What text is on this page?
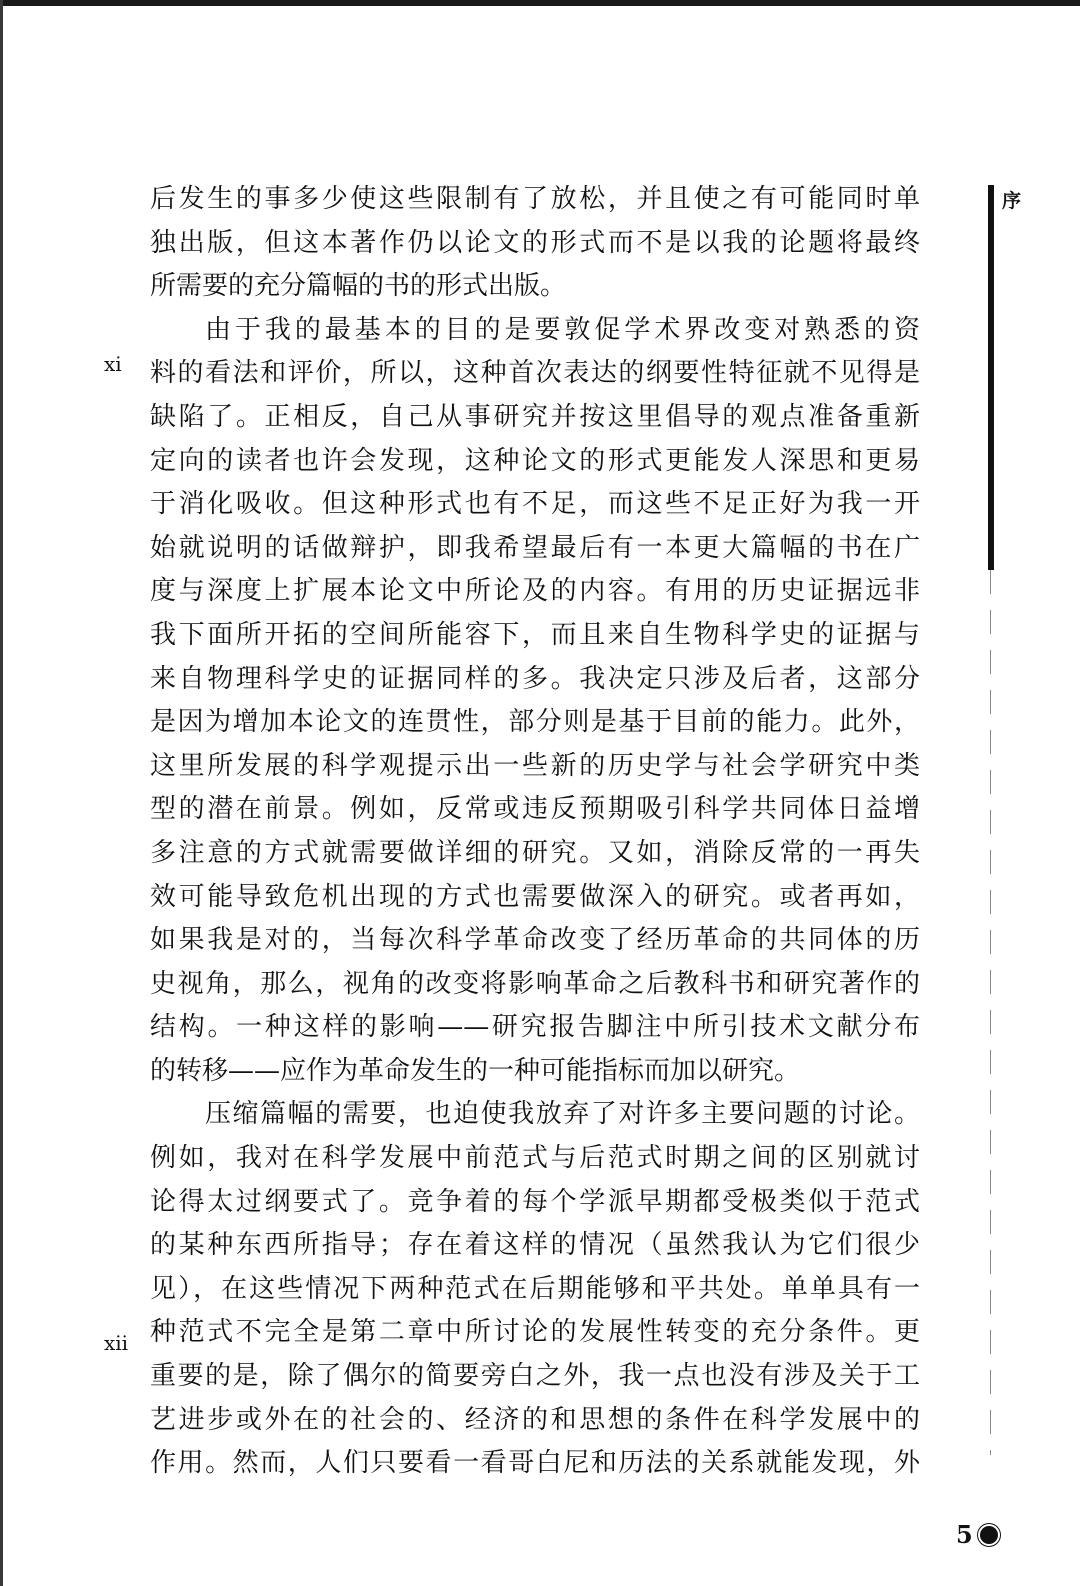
序
xi
xii
后发生的事多少使这些限制有了放松，并且使之有可能同时单
独出版，但这本著作仍以论文的形式而不是以我的论题将最终
所需要的充分篇幅的书的形式出版。
由于我的最基本的目的是要敦促学术界改变对熟悉的资
料的看法和评价，所以，这种首次表达的纲要性特征就不见得是
缺陷了。正相反，自己从事研究并按这里倡导的观点准备重新
定向的读者也许会发现，这种论文的形式更能发人深思和更易
于消化吸收。但这种形式也有不足，而这些不足正好为我一开
始就说明的话做辩护，即我希望最后有一本更大篇幅的书在广
度与深度上扩展本论文中所论及的内容。有用的历史证据远非
我下面所开拓的空间所能容下，而且来自生物科学史的证据与
来自物理科学史的证据同样的多。我决定只涉及后者，这部分
是因为增加本论文的连贯性，部分则是基于目前的能力。此外，
这里所发展的科学观提示出一些新的历史学与社会学研究中类
型的潜在前景。例如，反常或违反预期吸引科学共同体日益增
多注意的方式就需要做详细的研究。又如，消除反常的一再失
效可能导致危机出现的方式也需要做深入的研究。或者再如，
如果我是对的，当每次科学革命改变了经历革命的共同体的历
史视角，那么，视角的改变将影响革命之后教科书和研究著作的
结构。一种这样的影响——研究报告脚注中所引技术文献分布
的转移——应作为革命发生的一种可能指标而加以研究。
压缩篇幅的需要，也迫使我放弃了对许多主要问题的讨论。
例如，我对在科学发展中前范式与后范式时期之间的区别就讨
论得太过纲要式了。竞争着的每个学派早期都受极类似于范式
的某种东西所指导；存在着这样的情况（虽然我认为它们很少
见），在这些情况下两种范式在后期能够和平共处。单单具有一
种范式不完全是第二章中所讨论的发展性转变的充分条件。更
重要的是，除了偶尔的简要旁白之外，我一点也没有涉及关于工
艺进步或外在的社会的、经济的和思想的条件在科学发展中的
作用。然而，人们只要看一看哥白尼和历法的关系就能发现，外
5
